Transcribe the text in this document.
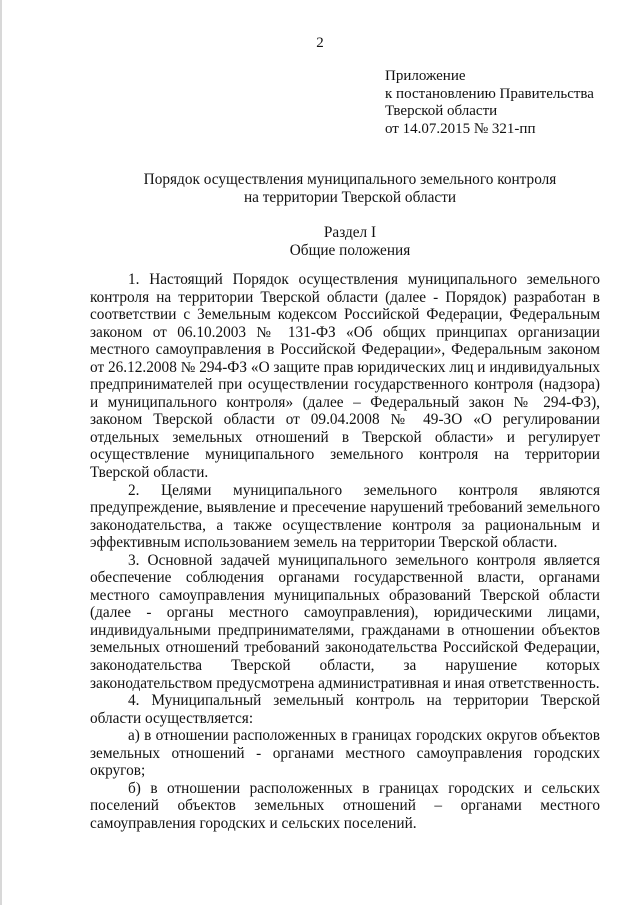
2
Приложение
к постановлению Правительства
Тверской области
от 14.07.2015 № 321-пп
Порядок осуществления муниципального земельного контроля
на территории Тверской области
Раздел I
Общие положения

1. Настоящий Порядок осуществления муниципального земельного контроля на территории Тверской области (далее - Порядок) разработан в соответствии с Земельным кодексом Российской Федерации, Федеральным законом от 06.10.2003 № 131-ФЗ «Об общих принципах организации местного самоуправления в Российской Федерации», Федеральным законом от 26.12.2008 № 294-ФЗ «О защите прав юридических лиц и индивидуальных предпринимателей при осуществлении государственного контроля (надзора) и муниципального контроля» (далее – Федеральный закон № 294-ФЗ), законом Тверской области от 09.04.2008 № 49-ЗО «О регулировании отдельных земельных отношений в Тверской области» и регулирует осуществление муниципального земельного контроля на территории Тверской области.

2. Целями муниципального земельного контроля являются предупреждение, выявление и пресечение нарушений требований земельного законодательства, а также осуществление контроля за рациональным и эффективным использованием земель на территории Тверской области.

3. Основной задачей муниципального земельного контроля является обеспечение соблюдения органами государственной власти, органами местного самоуправления муниципальных образований Тверской области (далее - органы местного самоуправления), юридическими лицами, индивидуальными предпринимателями, гражданами в отношении объектов земельных отношений требований законодательства Российской Федерации, законодательства Тверской области, за нарушение которых законодательством предусмотрена административная и иная ответственность.

4. Муниципальный земельный контроль на территории Тверской области осуществляется:

а) в отношении расположенных в границах городских округов объектов земельных отношений - органами местного самоуправления городских округов;

б) в отношении расположенных в границах городских и сельских поселений объектов земельных отношений – органами местного самоуправления городских и сельских поселений.
